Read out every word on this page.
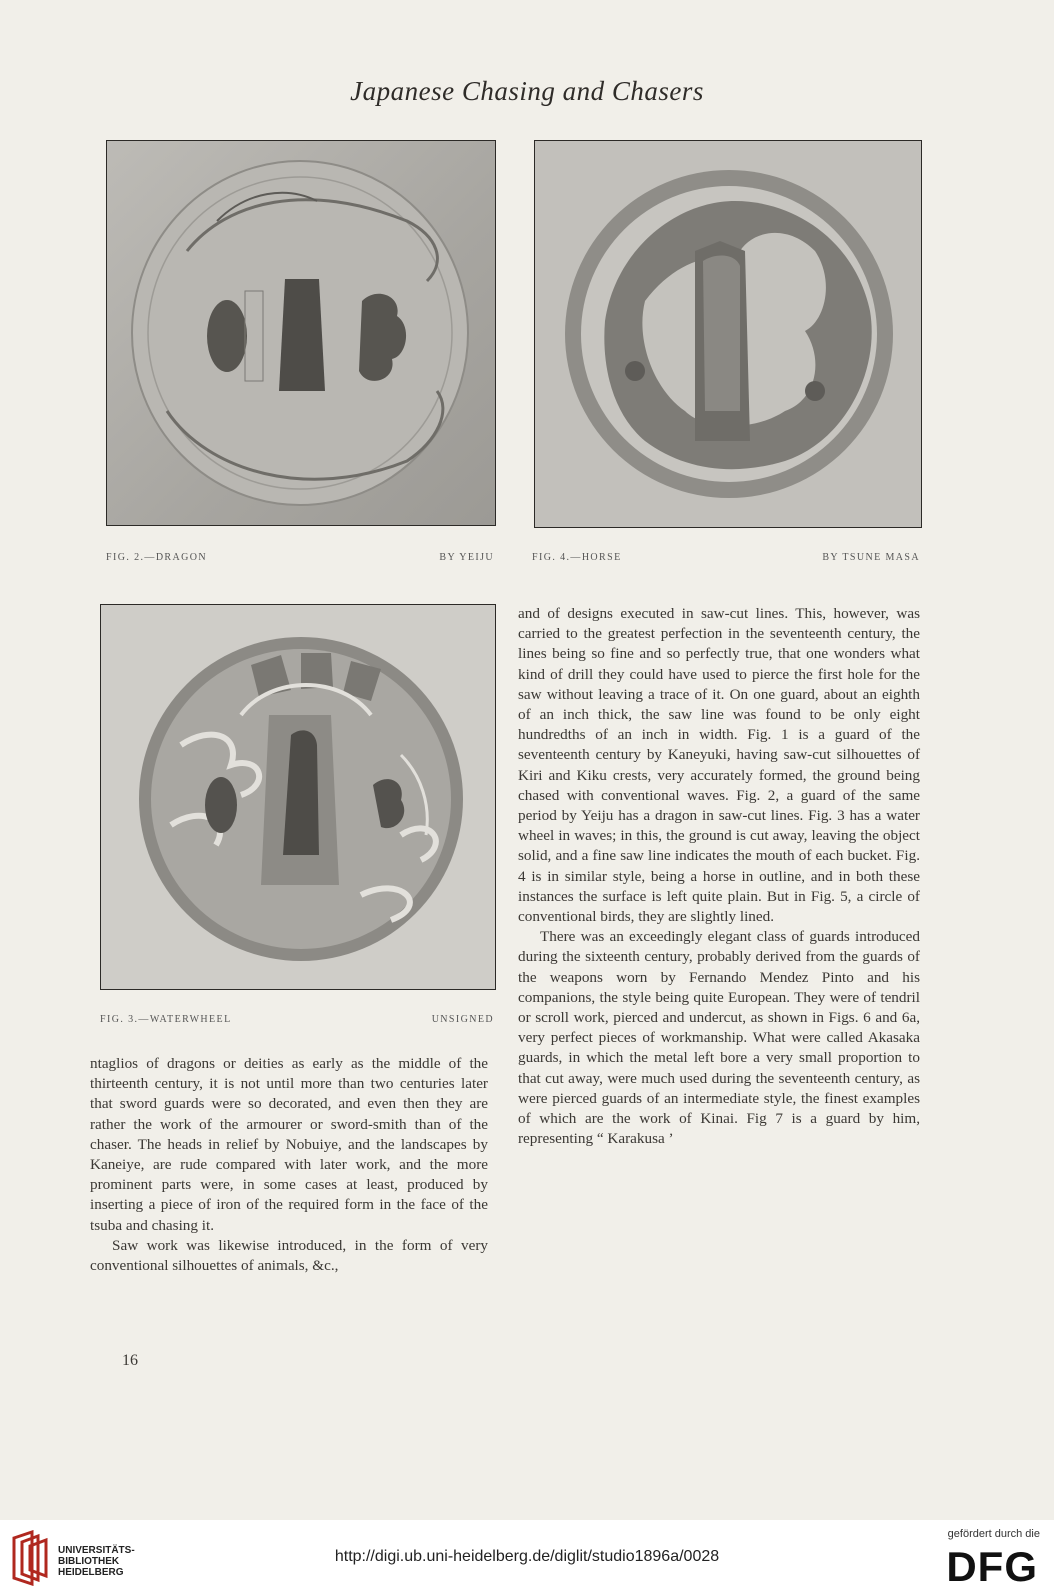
Japanese Chasing and Chasers
FIG. 2.—DRAGON	BY YEIJU	FIG. 4.—HORSE	BY TSUNE MASA
FIG. 3.—WATERWHEEL	UNSIGNED

ntaglios of dragons or deities as early as the middle of the thirteenth century, it is not until more than two centuries later that sword guards were so decorated, and even then they are rather the work of the armourer or sword-smith than of the chaser. The heads in relief by Nobuiye, and the landscapes by Kaneiye, are rude compared with later work, and the more prominent parts were, in some cases at least, produced by inserting a piece of iron of the required form in the face of the tsuba and chasing it.

Saw work was likewise introduced, in the form of very conventional silhouettes of animals, &c.,

16

and of designs executed in saw-cut lines. This, however, was carried to the greatest perfection in the seventeenth century, the lines being so fine and so perfectly true, that one wonders what kind of drill they could have used to pierce the first hole for the saw without leaving a trace of it. On one guard, about an eighth of an inch thick, the saw line was found to be only eight hundredths of an inch in width. Fig. 1 is a guard of the seventeenth century by Kaneyuki, having saw-cut silhouettes of Kiri and Kiku crests, very accurately formed, the ground being chased with conventional waves. Fig. 2, a guard of the same period by Yeiju has a dragon in saw-cut lines. Fig. 3 has a water wheel in waves; in this, the ground is cut away, leaving the object solid, and a fine saw line indicates the mouth of each bucket. Fig. 4 is in similar style, being a horse in outline, and in both these instances the surface is left quite plain. But in Fig. 5, a circle of conventional birds, they are slightly lined.

There was an exceedingly elegant class of guards introduced during the sixteenth century, probably derived from the guards of the weapons worn by Fernando Mendez Pinto and his companions, the style being quite European. They were of tendril or scroll work, pierced and undercut, as shown in Figs. 6 and 6a, very perfect pieces of workmanship. What were called Akasaka guards, in which the metal left bore a very small proportion to that cut away, were much used during the seventeenth century, as were pierced guards of an intermediate style, the finest examples of which are the work of Kinai. Fig 7 is a guard by him, representing “ Karakusa ’

UNIVERSITÄTS-
BIBLIOTHEK
HEIDELBERG
http://digi.ub.uni-heidelberg.de/diglit/studio1896a/0028
gefördert durch die
DFG
